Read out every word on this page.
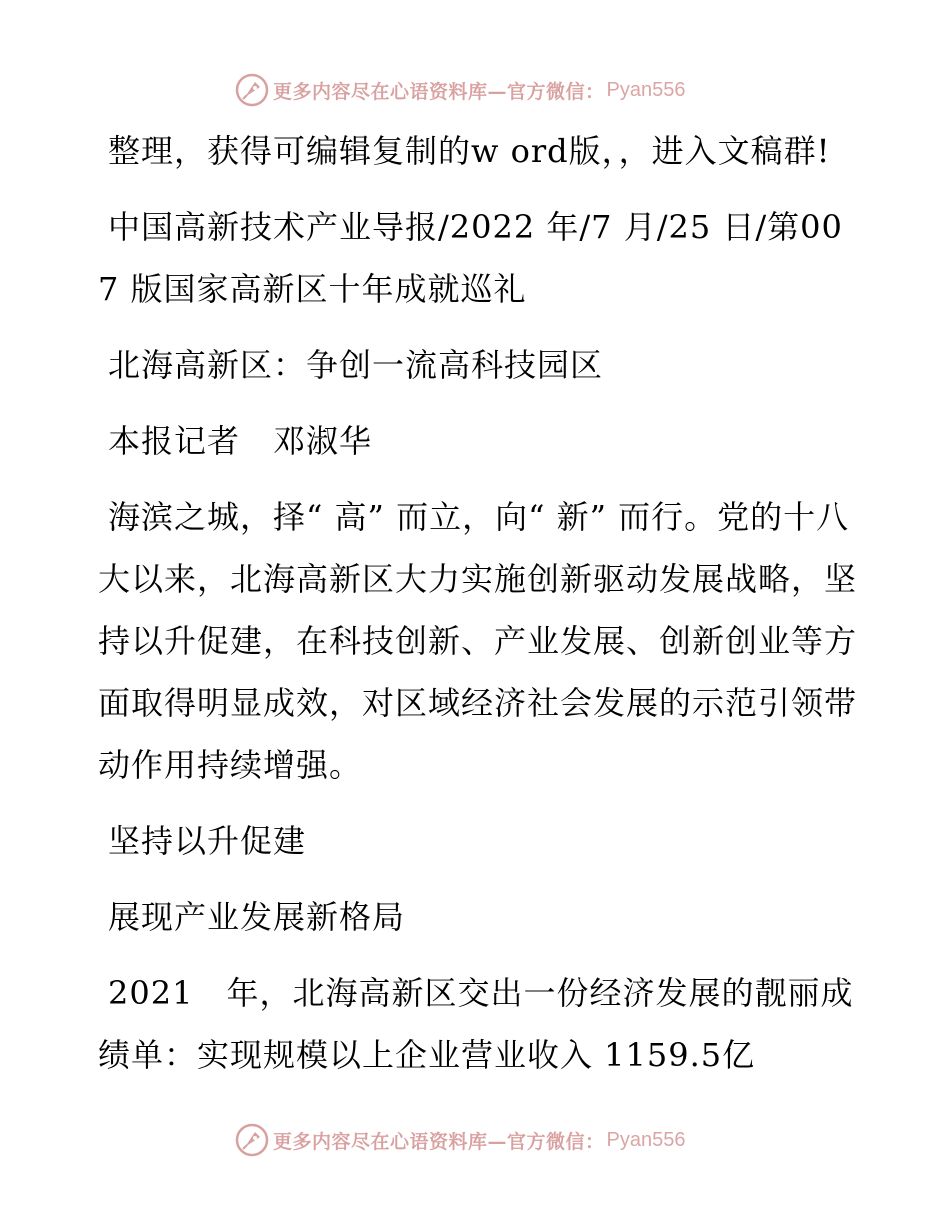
更多内容尽在心语资料库—官方微信： Pyan556

整理，获得可编辑复制的w ord版，，进入文稿群!

中国高新技术产业导报/2022 年/7 月/25 日/第007 版国家高新区十年成就巡礼

北海高新区：争创一流高科技园区

本报记者　邓淑华

海滨之城，择“ 高” 而立，向“ 新” 而行。党的十八大以来，北海高新区大力实施创新驱动发展战略，坚持以升促建，在科技创新、产业发展、创新创业等方面取得明显成效，对区域经济社会发展的示范引领带动作用持续增强。

坚持以升促建

展现产业发展新格局

2021　年，北海高新区交出一份经济发展的靓丽成绩单：实现规模以上企业营业收入 1159.5亿

更多内容尽在心语资料库—官方微信： Pyan556
